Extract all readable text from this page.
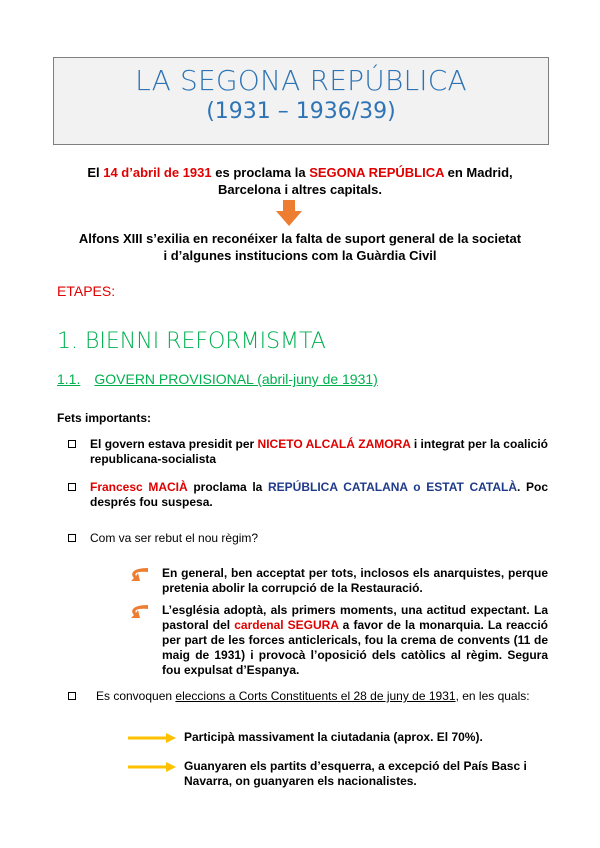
LA SEGONA REPÚBLICA
(1931 – 1936/39)
El 14 d’abril de 1931 es proclama la SEGONA REPÚBLICA en Madrid,
Barcelona i altres capitals.
Alfons XIII s’exilia en reconéixer la falta de suport general de la societat
i d’algunes institucions com la Guàrdia Civil
ETAPES:
1. BIENNI REFORMISMTA
1.1. GOVERN PROVISIONAL (abril-juny de 1931)
Fets importants:
El govern estava presidit per NICETO ALCALÁ ZAMORA i integrat per la coalició republicana-socialista
Francesc MACIÀ proclama la REPÚBLICA CATALANA o ESTAT CATALÀ. Poc després fou suspesa.
Com va ser rebut el nou règim?
En general, ben acceptat per tots, inclosos els anarquistes, perque pretenia abolir la corrupció de la Restauració.
L’església adoptà, als primers moments, una actitud expectant. La pastoral del cardenal SEGURA a favor de la monarquia. La reacció per part de les forces anticlericals, fou la crema de convents (11 de maig de 1931) i provocà l’oposició dels catòlics al règim. Segura fou expulsat d’Espanya.
Es convoquen eleccions a Corts Constituents el 28 de juny de 1931, en les quals:
Participà massivament la ciutadania (aprox. El 70%).
Guanyaren els partits d’esquerra, a excepció del País Basc i Navarra, on guanyaren els nacionalistes.
